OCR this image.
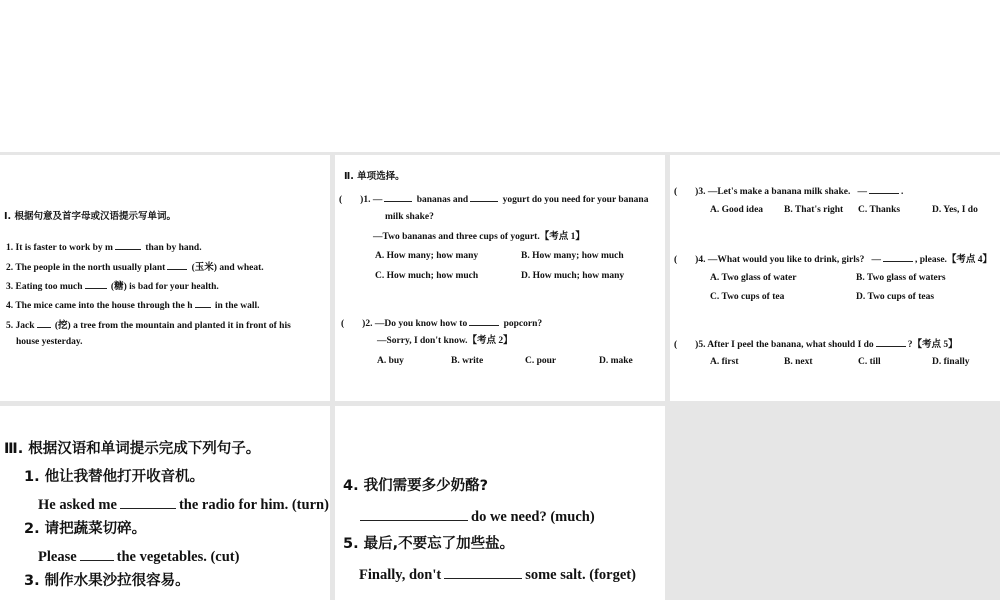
Ⅰ. 根据句意及首字母或汉语提示写单词。
1. It is faster to work by m	than by hand.
2. The people in the north usually plant	(玉米) and wheat.
3. Eating too much	(糖) is bad for your health.
4. The mice came into the house through the h in the wall.
5. Jack (挖) a tree from the mountain and planted it in front of his
house yesterday.
Ⅱ. 单项选择。
( )1. —	bananas and	yogurt do you need for your banana
milk shake?
—Two bananas and three cups of yogurt.【考点 1】
A. How many; how many	B. How many; how much
C. How much; how much	D. How much; how many
( )2. —Do you know how to	popcorn?
—Sorry, I don't know.【考点 2】
A. buy	B. write	C. pour	D. make
( )3. —Let's make a banana milk shake. —	.
A. Good idea B. That's right C. Thanks	D. Yes, I do
( )4. —What would you like to drink, girls? —	, please.【考点 4】
A. Two glass of water	B. Two glass of waters
C. Two cups of tea	D. Two cups of teas
( )5. After I peel the banana, what should I do	?【考点 5】
A. first	B. next	C. till	D. finally
Ⅲ. 根据汉语和单词提示完成下列句子。
1. 他让我替他打开收音机。
He asked me	the radio for him. (turn)
2. 请把蔬菜切碎。
Please	the vegetables. (cut)
3. 制作水果沙拉很容易。
4. 我们需要多少奶酪?
do we need? (much)
5. 最后,不要忘了加些盐。
Finally, don't	some salt. (forget)
